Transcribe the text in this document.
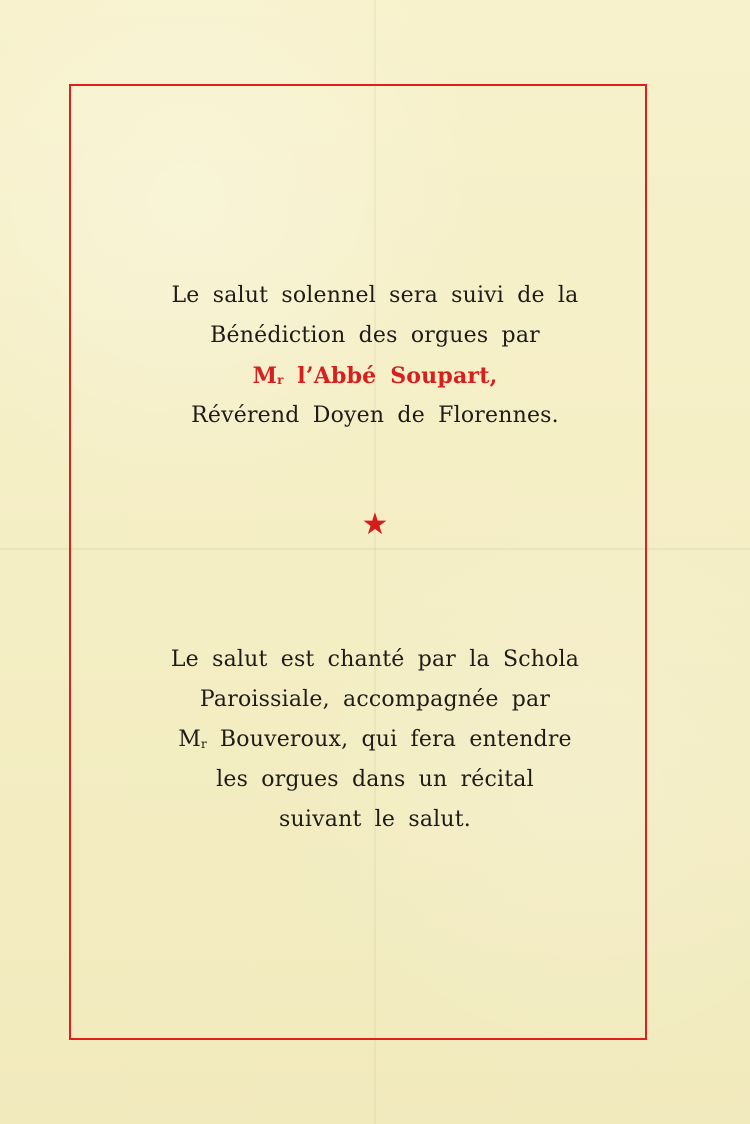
Le salut solennel sera suivi de la
Bénédiction des orgues par
$M^r$ l’Abbé Soupart,
Révérend Doyen de Florennes.
★
Le salut est chanté par la Schola
Paroissiale, accompagnée par
$M^r$ Bouveroux, qui fera entendre
les orgues dans un récital
suivant le salut.
